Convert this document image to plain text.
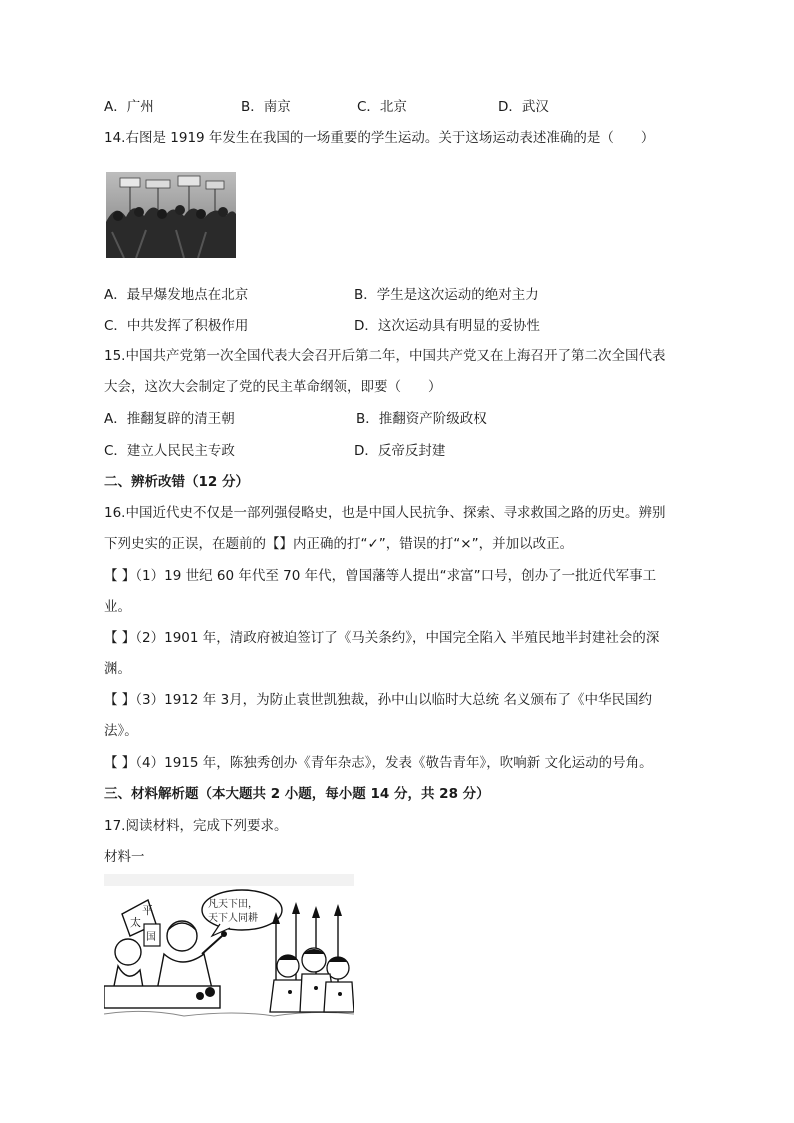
A．广州	B．南京	C．北京	D．武汉
14.右图是 1919 年发生在我国的一场重要的学生运动。关于这场运动表述准确的是（　　）

A．最早爆发地点在北京	B．学生是这次运动的绝对主力
C．中共发挥了积极作用	D．这次运动具有明显的妥协性
15.中国共产党第一次全国代表大会召开后第二年，中国共产党又在上海召开了第二次全国代表
大会，这次大会制定了党的民主革命纲领，即要（　　）
A．推翻复辟的清王朝	B．推翻资产阶级政权
C．建立人民民主专政	D．反帝反封建
二、辨析改错（12 分）
16.中国近代史不仅是一部列强侵略史，也是中国人民抗争、探索、寻求救国之路的历史。辨别
下列史实的正误，在题前的【】内正确的打“✓”，错误的打“×”，并加以改正。
【 】（1）19 世纪 60 年代至 70 年代，曾国藩等人提出“求富”口号，创办了一批近代军事工
业。
【 】（2）1901 年，清政府被迫签订了《马关条约》，中国完全陷入 半殖民地半封建社会的深
渊。
【 】（3）1912 年 3月，为防止袁世凯独裁，孙中山以临时大总统 名义颁布了《中华民国约
法》。
【 】（4）1915 年，陈独秀创办《青年杂志》，发表《敬告青年》，吹响新 文化运动的号角。
三、材料解析题（本大题共 2 小题，每小题 14 分，共 28 分）
17.阅读材料，完成下列要求。
材料一
太
平
国
凡天下田，
天下人同耕
